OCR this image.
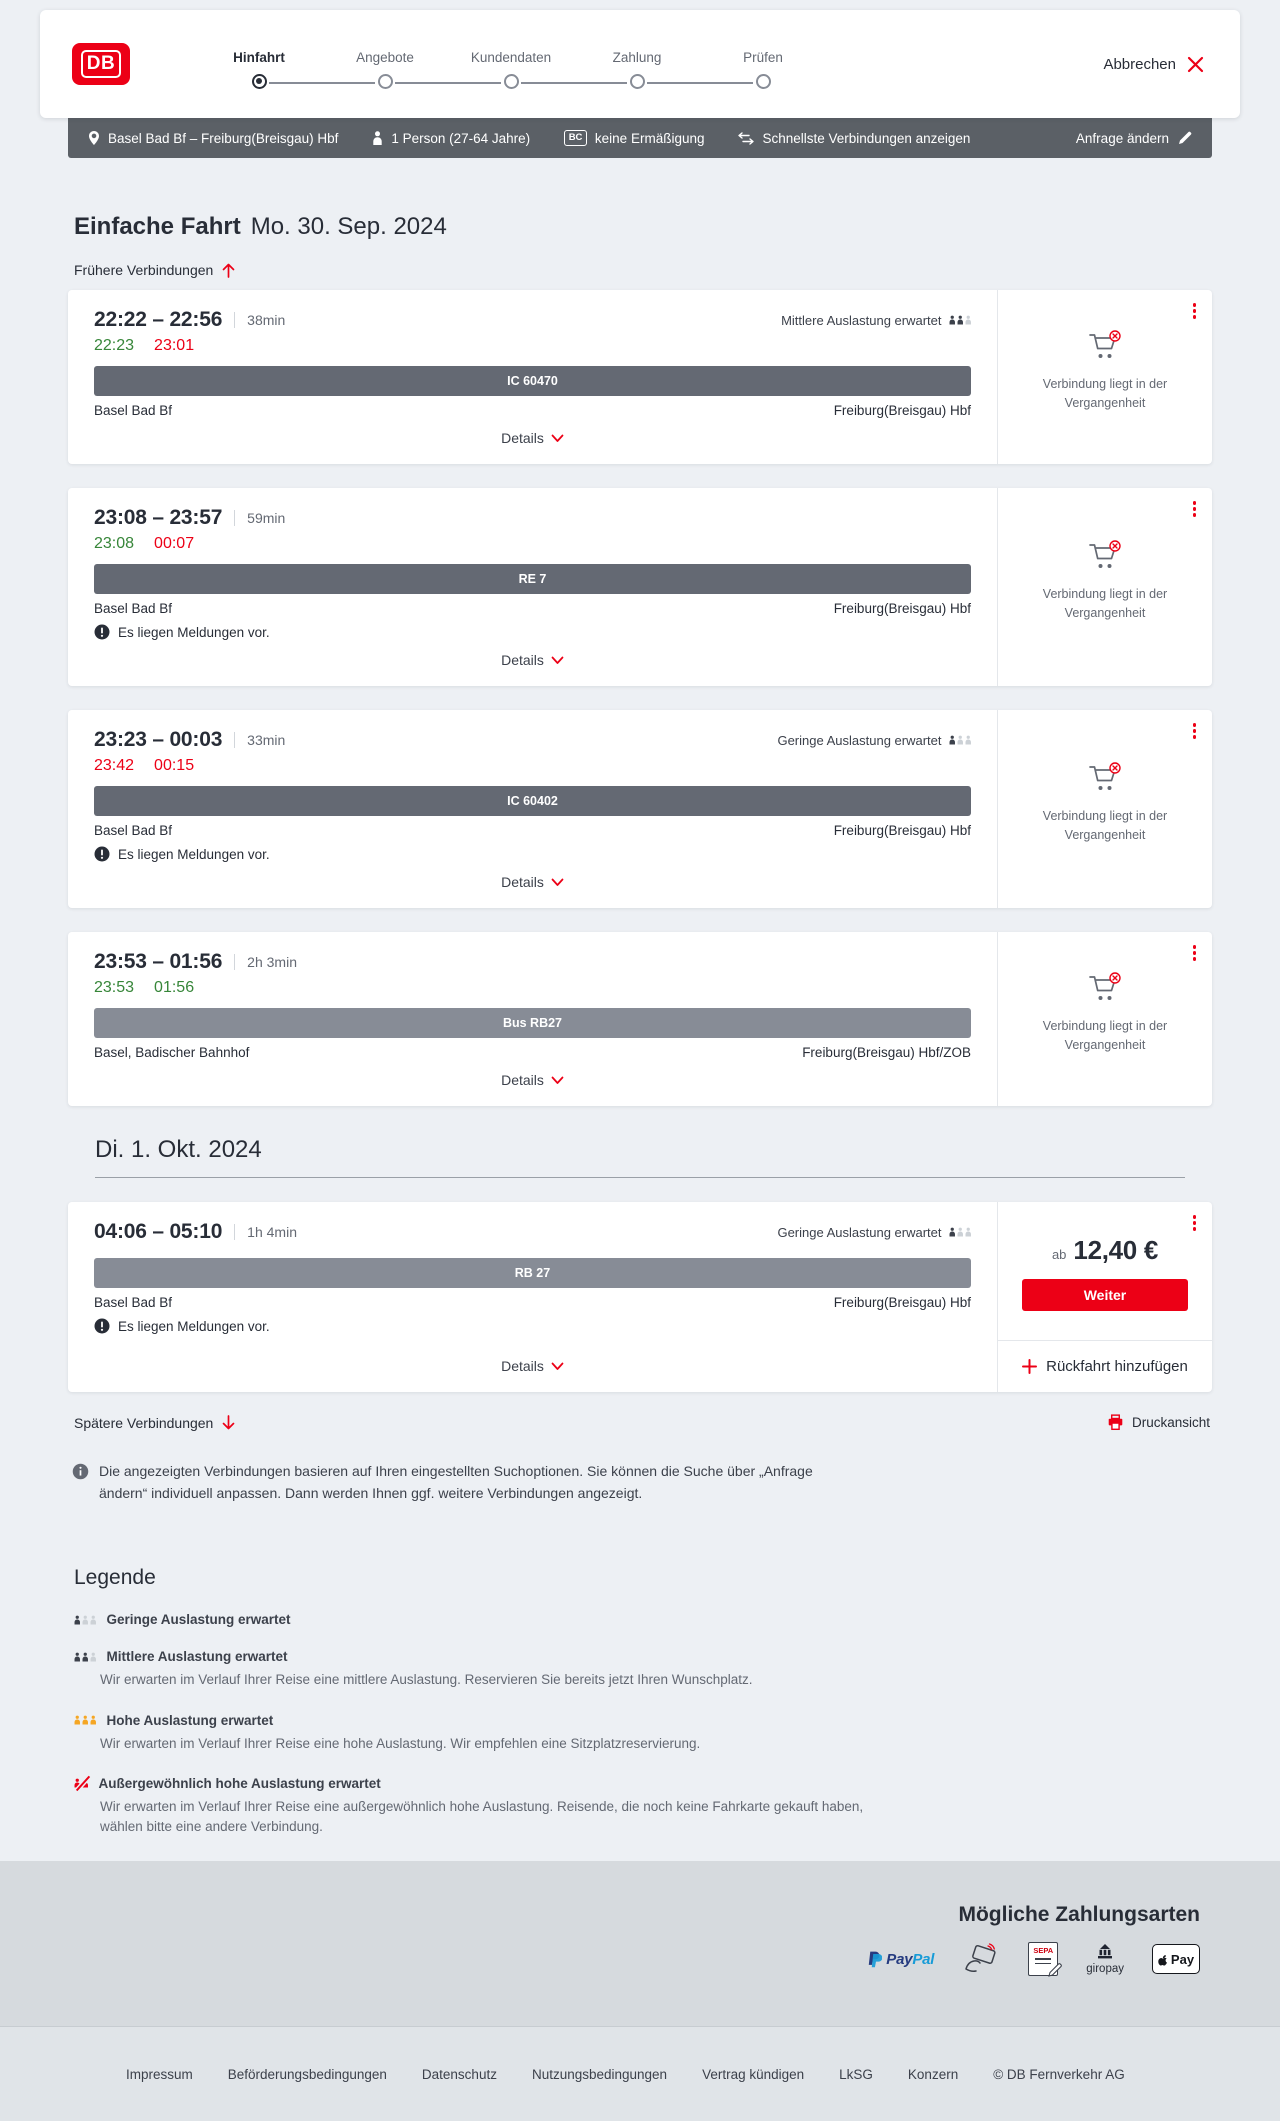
DB	Hinfahrt	Angebote	Kundendaten	Zahlung	Prüfen	Abbrechen
Basel Bad Bf – Freiburg(Breisgau) Hbf	1 Person (27-64 Jahre)	BC keine Ermäßigung	Schnellste Verbindungen anzeigen	Anfrage ändern
Einfache Fahrt Mo. 30. Sep. 2024
Frühere Verbindungen
22:22 – 22:56 38min	Mittlere Auslastung erwartet
22:23 23:01
IC 60470
Basel Bad Bf	Freiburg(Breisgau) Hbf
Details

Verbindung liegt in der Vergangenheit

23:08 – 23:57 59min
23:08 00:07
RE 7
Basel Bad Bf	Freiburg(Breisgau) Hbf
Es liegen Meldungen vor.
Details

Verbindung liegt in der Vergangenheit

23:23 – 00:03 33min	Geringe Auslastung erwartet
23:42 00:15
IC 60402
Basel Bad Bf	Freiburg(Breisgau) Hbf
Es liegen Meldungen vor.
Details

Verbindung liegt in der Vergangenheit

23:53 – 01:56 2h 3min
23:53 01:56
Bus RB27
Basel, Badischer Bahnhof	Freiburg(Breisgau) Hbf/ZOB
Details

Verbindung liegt in der Vergangenheit

Di. 1. Okt. 2024
04:06 – 05:10 1h 4min	Geringe Auslastung erwartet
RB 27
Basel Bad Bf	Freiburg(Breisgau) Hbf
Es liegen Meldungen vor.
Details
ab 12,40 €
Weiter
Rückfahrt hinzufügen
Spätere Verbindungen	Druckansicht

Die angezeigten Verbindungen basieren auf Ihren eingestellten Suchoptionen. Sie können die Suche über „Anfrage ändern“ individuell anpassen. Dann werden Ihnen ggf. weitere Verbindungen angezeigt.

Legende
Geringe Auslastung erwartet
Mittlere Auslastung erwartet

Wir erwarten im Verlauf Ihrer Reise eine mittlere Auslastung. Reservieren Sie bereits jetzt Ihren Wunschplatz.

Hohe Auslastung erwartet

Wir erwarten im Verlauf Ihrer Reise eine hohe Auslastung. Wir empfehlen eine Sitzplatzreservierung.

Außergewöhnlich hohe Auslastung erwartet

Wir erwarten im Verlauf Ihrer Reise eine außergewöhnlich hohe Auslastung. Reisende, die noch keine Fahrkarte gekauft haben, wählen bitte eine andere Verbindung.

Mögliche Zahlungsarten
PayPal	SEPA
giropay
Pay
Impressum	Beförderungsbedingungen	Datenschutz	Nutzungsbedingungen	Vertrag kündigen	LkSG	Konzern	© DB Fernverkehr AG
